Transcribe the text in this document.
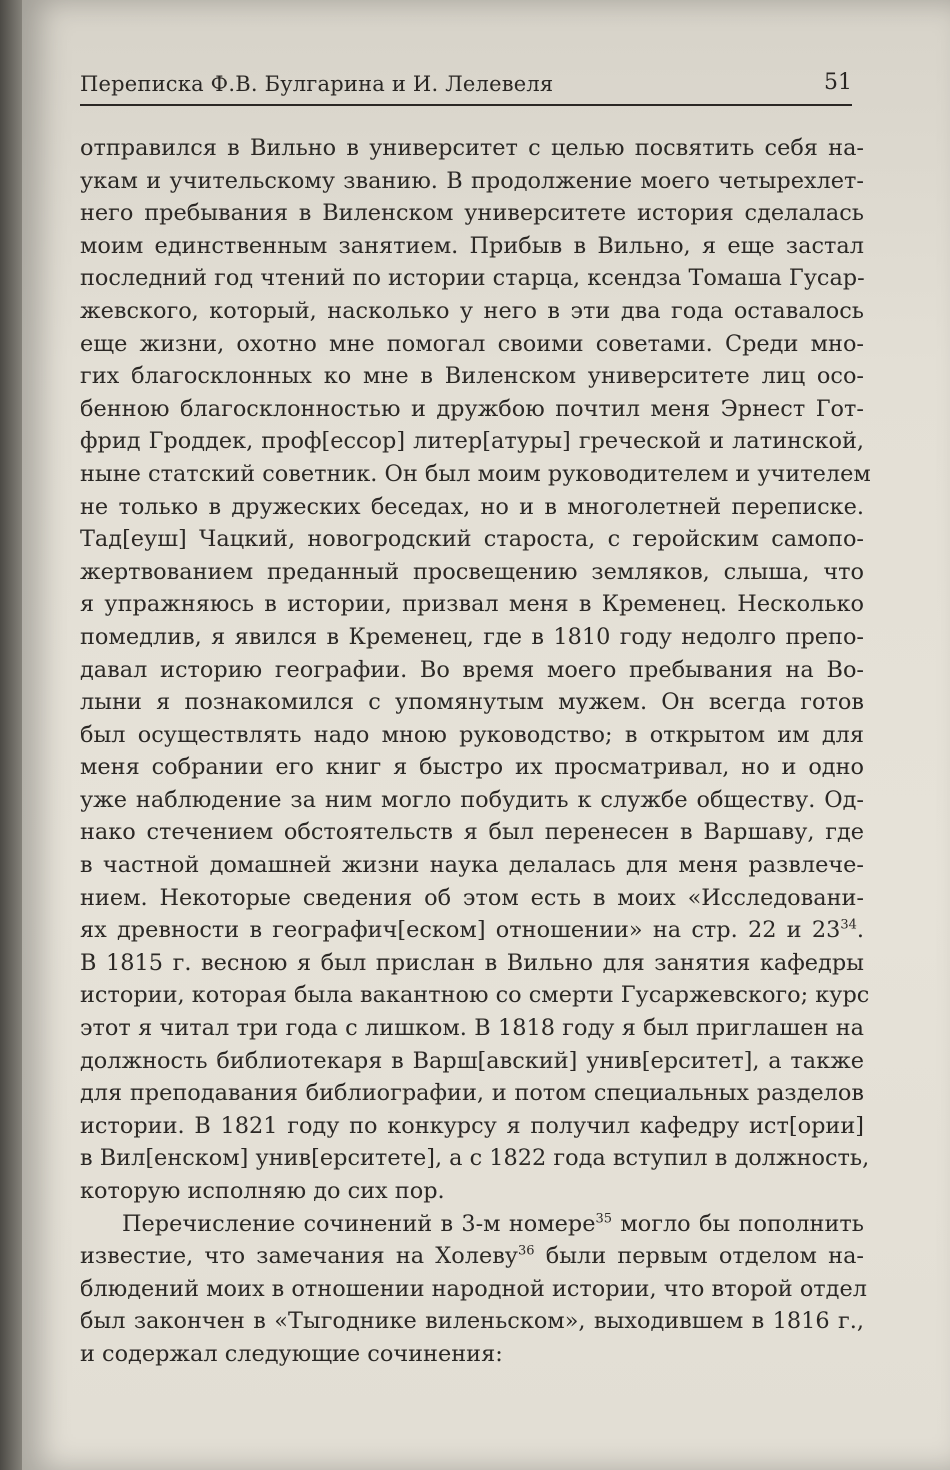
Переписка Ф.В. Булгарина и И. Лелевеля	51
отправился в Вильно в университет с целью посвятить себя на-
укам и учительскому званию. В продолжение моего четырехлет-
него пребывания в Виленском университете история сделалась
моим единственным занятием. Прибыв в Вильно, я еще застал
последний год чтений по истории старца, ксендза Томаша Гусар-
жевского, который, насколько у него в эти два года оставалось
еще жизни, охотно мне помогал своими советами. Среди мно-
гих благосклонных ко мне в Виленском университете лиц осо-
бенною благосклонностью и дружбою почтил меня Эрнест Гот-
фрид Гроддек, проф[ессор] литер[атуры] греческой и латинской,
ныне статский советник. Он был моим руководителем и учителем
не только в дружеских беседах, но и в многолетней переписке.
Тад[еуш] Чацкий, новогродский староста, с геройским самопо-
жертвованием преданный просвещению земляков, слыша, что
я упражняюсь в истории, призвал меня в Кременец. Несколько
помедлив, я явился в Кременец, где в 1810 году недолго препо-
давал историю географии. Во время моего пребывания на Во-
лыни я познакомился с упомянутым мужем. Он всегда готов
был осуществлять надо мною руководство; в открытом им для
меня собрании его книг я быстро их просматривал, но и одно
уже наблюдение за ним могло побудить к службе обществу. Од-
нако стечением обстоятельств я был перенесен в Варшаву, где
в частной домашней жизни наука делалась для меня развлече-
нием. Некоторые сведения об этом есть в моих «Исследовани-
ях древности в географич[еском] отношении» на стр. 22 и 23$^{34}$.
В 1815 г. весною я был прислан в Вильно для занятия кафедры
истории, которая была вакантною со смерти Гусаржевского; курс
этот я читал три года с лишком. В 1818 году я был приглашен на
должность библиотекаря в Варш[авский] унив[ерситет], а также
для преподавания библиографии, и потом специальных разделов
истории. В 1821 году по конкурсу я получил кафедру ист[ории]
в Вил[енском] унив[ерситете], а с 1822 года вступил в должность,
которую исполняю до сих пор.
Перечисление сочинений в 3-м номере$^{35}$ могло бы пополнить
известие, что замечания на Холеву$^{36}$ были первым отделом на-
блюдений моих в отношении народной истории, что второй отдел
был закончен в «Тыгоднике виленьском», выходившем в 1816 г.,
и содержал следующие сочинения:
